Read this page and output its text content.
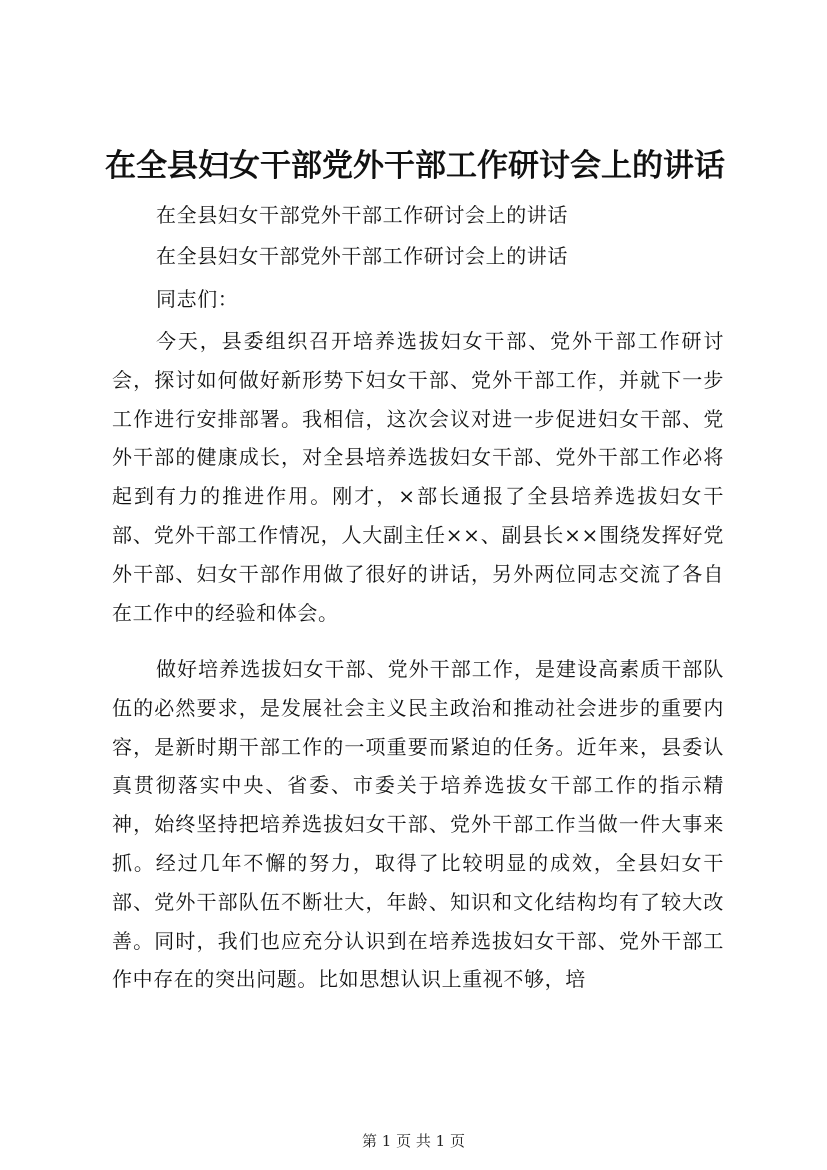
在全县妇女干部党外干部工作研讨会上的讲话
在全县妇女干部党外干部工作研讨会上的讲话
在全县妇女干部党外干部工作研讨会上的讲话
同志们：
今天，县委组织召开培养选拔妇女干部、党外干部工作研讨会，探讨如何做好新形势下妇女干部、党外干部工作，并就下一步工作进行安排部署。我相信，这次会议对进一步促进妇女干部、党外干部的健康成长，对全县培养选拔妇女干部、党外干部工作必将起到有力的推进作用。刚才，×部长通报了全县培养选拔妇女干部、党外干部工作情况，人大副主任××、副县长××围绕发挥好党外干部、妇女干部作用做了很好的讲话，另外两位同志交流了各自在工作中的经验和体会。
做好培养选拔妇女干部、党外干部工作，是建设高素质干部队伍的必然要求，是发展社会主义民主政治和推动社会进步的重要内容，是新时期干部工作的一项重要而紧迫的任务。近年来，县委认真贯彻落实中央、省委、市委关于培养选拔女干部工作的指示精神，始终坚持把培养选拔妇女干部、党外干部工作当做一件大事来抓。经过几年不懈的努力，取得了比较明显的成效，全县妇女干部、党外干部队伍不断壮大，年龄、知识和文化结构均有了较大改善。同时，我们也应充分认识到在培养选拔妇女干部、党外干部工作中存在的突出问题。比如思想认识上重视不够，培
第 1 页 共 1 页
